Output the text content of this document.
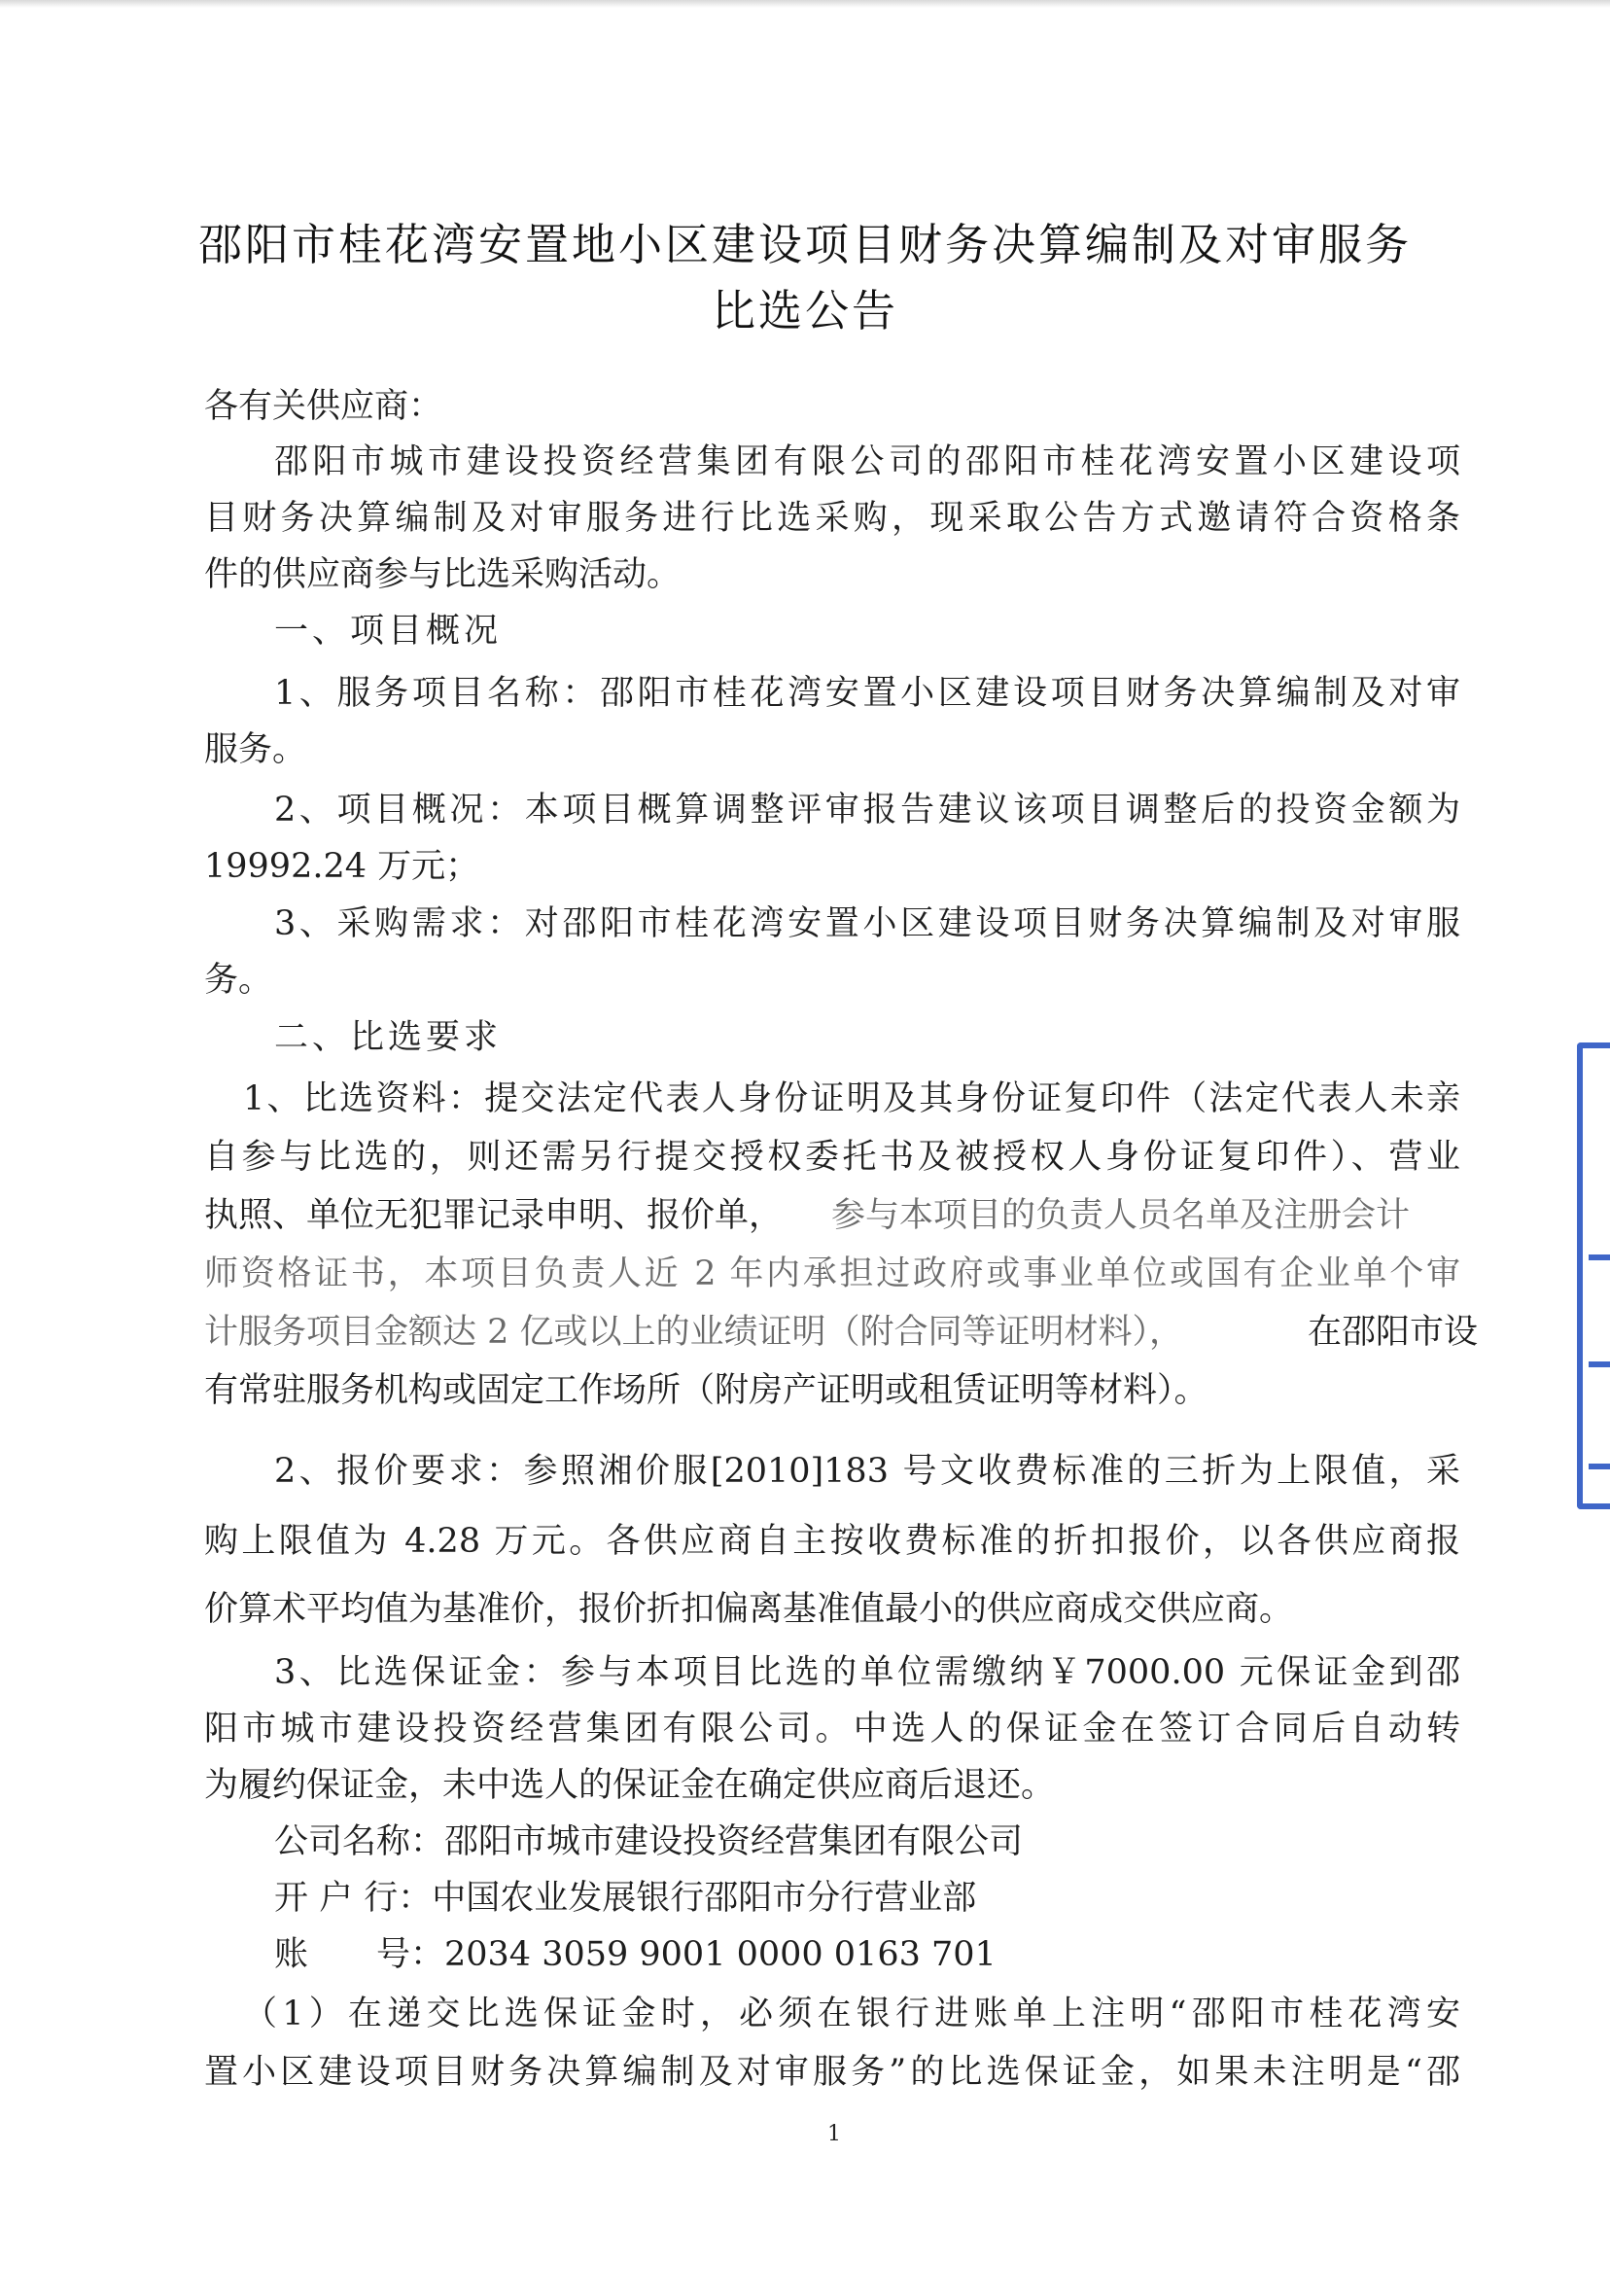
邵阳市桂花湾安置地小区建设项目财务决算编制及对审服务
比选公告
各有关供应商：
邵阳市城市建设投资经营集团有限公司的邵阳市桂花湾安置小区建设项
目财务决算编制及对审服务进行比选采购，现采取公告方式邀请符合资格条
件的供应商参与比选采购活动。
一、项目概况
1、服务项目名称：邵阳市桂花湾安置小区建设项目财务决算编制及对审
服务。
2、项目概况：本项目概算调整评审报告建议该项目调整后的投资金额为
19992.24 万元；
3、采购需求：对邵阳市桂花湾安置小区建设项目财务决算编制及对审服
务。
二、比选要求
1、比选资料：提交法定代表人身份证明及其身份证复印件（法定代表人未亲
自参与比选的，则还需另行提交授权委托书及被授权人身份证复印件）、营业
执照、单位无犯罪记录申明、报价单， 参与本项目的负责人员名单及注册会计
师资格证书，本项目负责人近 2 年内承担过政府或事业单位或国有企业单个审
计服务项目金额达 2 亿或以上的业绩证明（附合同等证明材料），	在邵阳市设
有常驻服务机构或固定工作场所（附房产证明或租赁证明等材料）。
2、报价要求：参照湘价服[2010]183 号文收费标准的三折为上限值，采
购上限值为 4.28 万元。各供应商自主按收费标准的折扣报价，以各供应商报
价算术平均值为基准价，报价折扣偏离基准值最小的供应商成交供应商。
3、比选保证金：参与本项目比选的单位需缴纳￥7000.00 元保证金到邵
阳市城市建设投资经营集团有限公司。中选人的保证金在签订合同后自动转
为履约保证金，未中选人的保证金在确定供应商后退还。
公司名称：邵阳市城市建设投资经营集团有限公司
开 户 行：中国农业发展银行邵阳市分行营业部
账　　号：2034 3059 9001 0000 0163 701
（1）在递交比选保证金时，必须在银行进账单上注明“邵阳市桂花湾安
置小区建设项目财务决算编制及对审服务”的比选保证金，如果未注明是“邵
1
